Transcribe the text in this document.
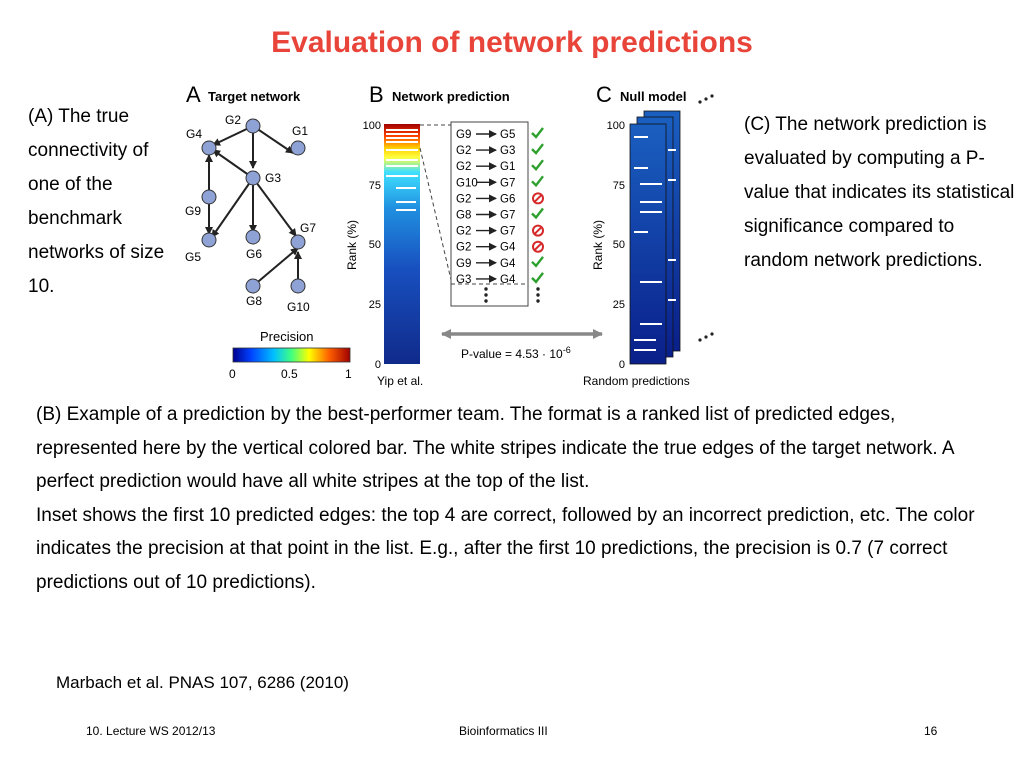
Evaluation of network predictions
(A) The true connectivity of one of the benchmark networks of size 10.
(C) The network prediction is evaluated by computing a P-value that indicates its statistical significance compared to random network predictions.
A Target network
G2
G1
G4
G3
G9
G5	G6
G7
G8 G10
Precision
0	0.5	1
B Network prediction
Rank (%)
100
75
50
25
0
Yip et al.
G9 G5
G2 G3
G2 G1
G10 G7
G2 G6
G8 G7
G2 G7
G2 G4
G9 G4
G3 G4
P-value = $4.53 \cdot 10^{-6}$
C Null model
Rank (%)
100
75
50
25
0
Random predictions
(B) Example of a prediction by the best-performer team. The format is a ranked list of predicted edges, represented here by the vertical colored bar. The white stripes indicate the true edges of the target network. A perfect prediction would have all white stripes at the top of the list.
Inset shows the first 10 predicted edges: the top 4 are correct, followed by an incorrect prediction, etc. The color indicates the precision at that point in the list. E.g., after the first 10 predictions, the precision is 0.7 (7 correct predictions out of 10 predictions).
Marbach et al. PNAS 107, 6286 (2010)
10. Lecture WS 2012/13	Bioinformatics III	16
